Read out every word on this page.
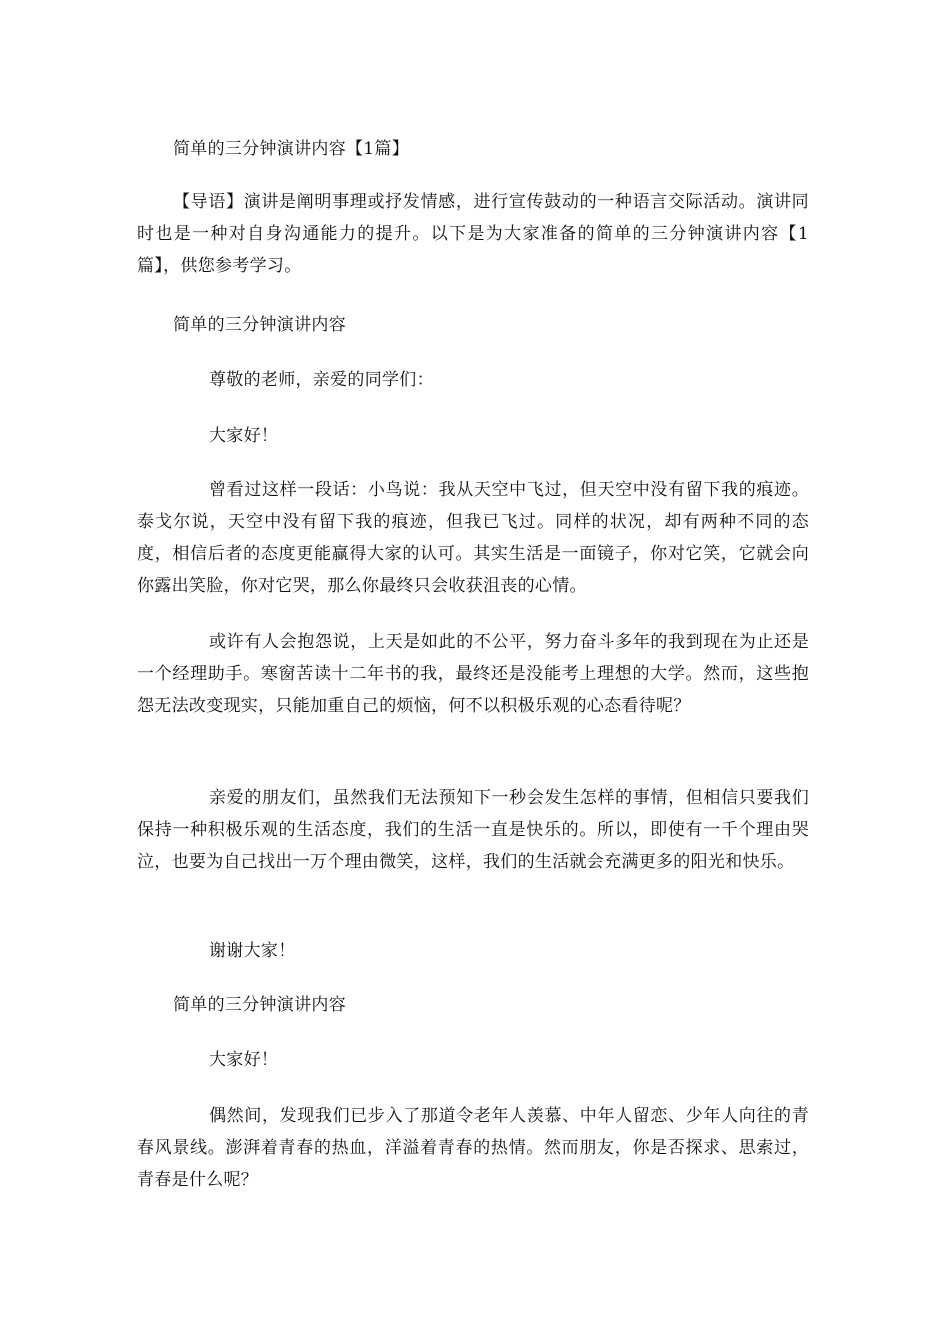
简单的三分钟演讲内容【1篇】

【导语】演讲是阐明事理或抒发情感，进行宣传鼓动的一种语言交际活动。演讲同时也是一种对自身沟通能力的提升。以下是为大家准备的简单的三分钟演讲内容【1篇】，供您参考学习。

简单的三分钟演讲内容

尊敬的老师，亲爱的同学们：

大家好！

曾看过这样一段话：小鸟说：我从天空中飞过，但天空中没有留下我的痕迹。泰戈尔说，天空中没有留下我的痕迹，但我已飞过。同样的状况，却有两种不同的态度，相信后者的态度更能赢得大家的认可。其实生活是一面镜子，你对它笑，它就会向你露出笑脸，你对它哭，那么你最终只会收获沮丧的心情。

或许有人会抱怨说，上天是如此的不公平，努力奋斗多年的我到现在为止还是一个经理助手。寒窗苦读十二年书的我，最终还是没能考上理想的大学。然而，这些抱怨无法改变现实，只能加重自己的烦恼，何不以积极乐观的心态看待呢？

亲爱的朋友们，虽然我们无法预知下一秒会发生怎样的事情，但相信只要我们保持一种积极乐观的生活态度，我们的生活一直是快乐的。所以，即使有一千个理由哭泣，也要为自己找出一万个理由微笑，这样，我们的生活就会充满更多的阳光和快乐。

谢谢大家！

简单的三分钟演讲内容

大家好！

偶然间，发现我们已步入了那道令老年人羡慕、中年人留恋、少年人向往的青春风景线。澎湃着青春的热血，洋溢着青春的热情。然而朋友，你是否探求、思索过，青春是什么呢？
